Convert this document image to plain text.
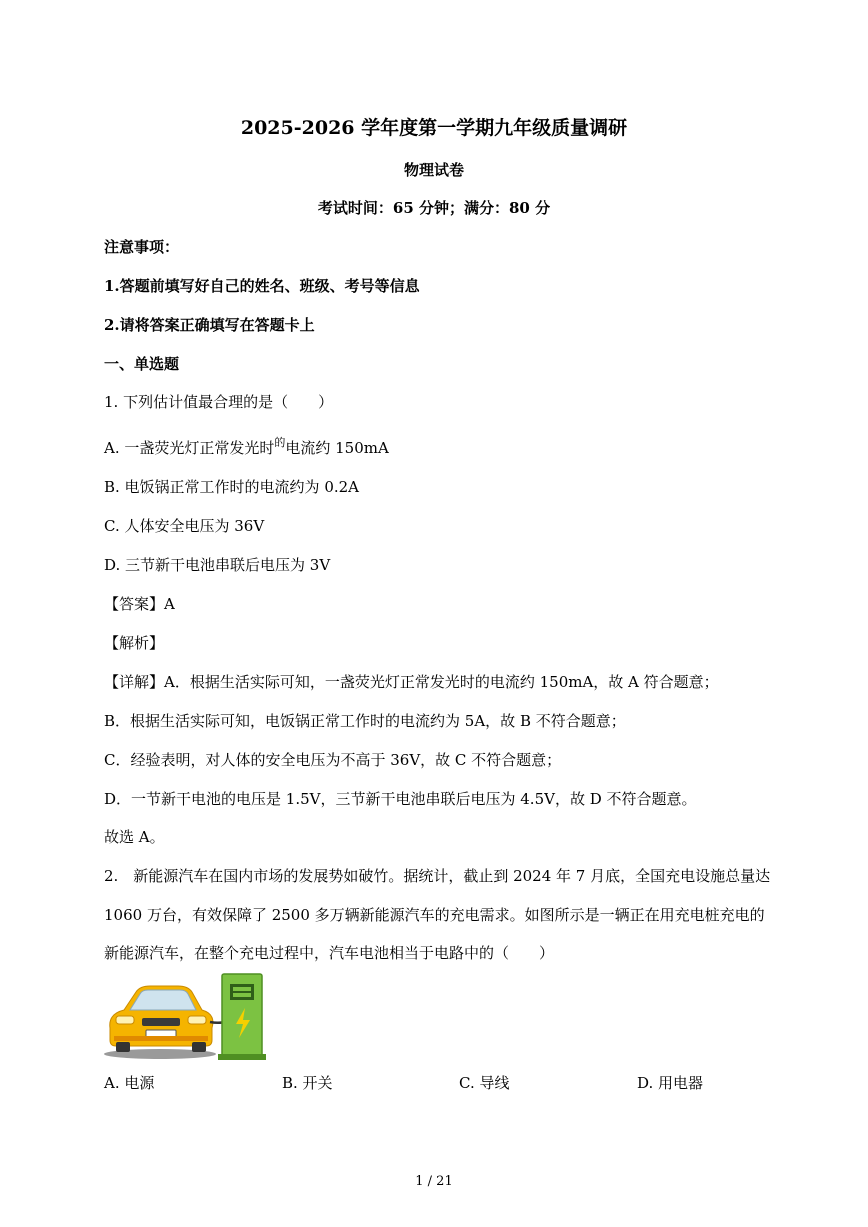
2025-2026 学年度第一学期九年级质量调研
物理试卷
考试时间：65 分钟；满分：80 分
注意事项：
1.答题前填写好自己的姓名、班级、考号等信息
2.请将答案正确填写在答题卡上
一、单选题
1. 下列估计值最合理的是（　　）
A. 一盏荧光灯正常发光时$^的$电流约 150mA
B. 电饭锅正常工作时的电流约为 0.2A
C. 人体安全电压为 36V
D. 三节新干电池串联后电压为 3V
【答案】A
【解析】
【详解】A．根据生活实际可知，一盏荧光灯正常发光时的电流约 150mA，故 A 符合题意；
B．根据生活实际可知，电饭锅正常工作时的电流约为 5A，故 B 不符合题意；
C．经验表明，对人体的安全电压为不高于 36V，故 C 不符合题意；
D．一节新干电池的电压是 1.5V，三节新干电池串联后电压为 4.5V，故 D 不符合题意。
故选 A。
2.　新能源汽车在国内市场的发展势如破竹。据统计，截止到 2024 年 7 月底，全国充电设施总量达
1060 万台，有效保障了 2500 多万辆新能源汽车的充电需求。如图所示是一辆正在用充电桩充电的
新能源汽车，在整个充电过程中，汽车电池相当于电路中的（　　）
A. 电源	B. 开关	C. 导线	D. 用电器
1 / 21
